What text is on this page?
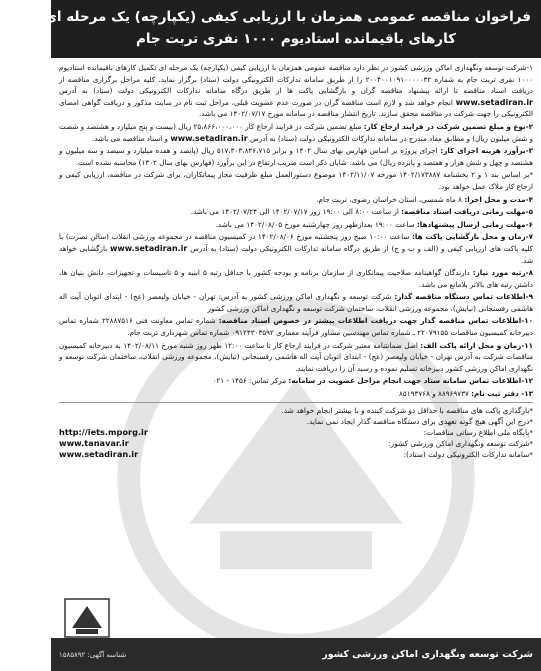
فراخوان مناقصه عمومی همزمان با ارزیابی کیفی (یکپارچه) یک مرحله ای تکمیل
کارهای باقیمانده استادیوم ۱۰۰۰ نفری تربت جام
۱-شرکت توسعه ونگهداری اماکن ورزشی کشور در نظر دارد مناقصه عمومی همزمان با ارزیابی کیفی (یکپارچه) یک مرحله ای تکمیل کارهای باقیمانده استادیوم ۱۰۰۰ نفری تربت جام به شماره ۲۰۰۴۰۰۱۰۹۱۰۰۰۰۰۳۲ را از طریق سامانه تدارکات الکترونیکی دولت (ستاد) برگزار نماید. کلیه مراحل برگزاری مناقصه از دریافت اسناد مناقصه تا ارائه پیشنهاد مناقصه گران و بازگشایی پاکت ها از طریق درگاه سامانه تدارکات الکترونیکی دولت (ستاد) به آدرس www.setadiran.ir انجام خواهد شد و لازم است مناقصه گران در صورت عدم عضویت قبلی، مراحل ثبت نام در سایت مذکور و دریافت گواهی امضای الکترونیکی را جهت شرکت در مناقصه محقق سازند. تاریخ انتشار مناقصه در سامانه مورخ ۱۴۰۲/۰۷/۱۷ می باشد.
۲-نوع و مبلغ تضمین شرکت در فرایند ارجاع کار: مبلغ تضمین شرکت در فرایند ارجاع کار ۲۵،۸۶۶،۰۰۰،۰۰۰ ریال (بیست و پنج میلیارد و هشتصد و شصت و شش میلیون ریال) و مطابق مفاد مندرج در سامانه تدارکات الکترونیکی دولت (ستاد) به آدرس www.setadiran.ir و اسناد مناقصه می باشد.
۳-برآورد هزینه اجرای کار: اجرای پروژه بر اساس فهارس بهای سال ۱۴۰۲ و برابر ۵۱۷،۳۰۳،۸۴۶،۷۱۵ ریال (پانصد و هفده میلیارد و سیصد و سه میلیون و هشتصد و چهل و شش هزار و هفتصد و پانزده ریال) می باشد. شایان ذکر است ضریب ارتفاع در این برآورد (فهارس بهای سال ۱۴۰۲) محاسبه نشده است.
*بر اساس بند ۱ و ۲ بخشنامه ۱۴۰۲/۱۷۳۸۸۷ مورخه ۱۴۰۲/۱۱/۰۷ موضوع دستورالعمل مبلغ ظرفیت مجاز پیمانکاران، برای شرکت در مناقصه، ارزیابی کیفی و ارجاع کار ملاک عمل خواهد بود.
۴-مدت و محل اجرا: ۸ ماه شمسی، استان خراسان رضوی، تربت جام.
۵-مهلت زمانی دریافت اسناد مناقصه: از ساعت ۸:۰۰ الی ۱۹:۰۰ روز ۱۴۰۲/۰۷/۱۷ الی ۱۴۰۲/۰۷/۲۴ می باشد.
۶-مهلت زمانی ارسال پیشنهادها: ساعت ۱۹:۰۰ بعدازظهر روز چهارشنبه مورخ ۱۴۰۲/۰۸/۰۵ می باشد.
۷-زمان و محل بازگشایی پاکت ها: ساعت ۱۰:۰۰ صبح روز پنجشنبه مورخ ۱۴۰۲/۰۸/۰۶ در کمیسیون مناقصه در مجموعه ورزشی انقلاب (سالن نصرت) با کلیه پاکت های ارزیابی کیفی و (الف و ب و ج) از طریق درگاه سامانه تدارکات الکترونیکی دولت (ستاد) به آدرس www.setadiran.ir بازگشایی خواهد شد.
۸-رتبه مورد نیاز: دارندگان گواهینامه صلاحیت پیمانکاری از سازمان برنامه و بودجه کشور با حداقل رتبه ۵ ابنیه و ۵ تاسیسات و تجهیزات، دانش بنیان ها، داشتن رتبه های بالاتر بلامانع می باشد.
۹-اطلاعات تماس دستگاه مناقصه گذار: شرکت توسعه و نگهداری اماکن ورزشی کشور به آدرس: تهران - خیابان ولیعصر (عج) - ابتدای اتوبان آیت اله هاشمی رفسنجانی (نیایش)، مجموعه ورزشی انقلاب، ساختمان شرکت توسعه و نگهداری اماکن ورزشی کشور
۱۰-اطلاعات تماس مناقصه گذار جهت دریافت اطلاعات بیشتر در خصوص اسناد مناقصه: شماره تماس معاونت فنی ۲۲۸۸۷۵۱۶ شماره تماس دبیرخانه کمیسیون مناقصات ۲۲۰۷۹۱۵۵ ـ شماره تماس مهندسین مشاور فرآیند معماری ۰۹۱۲۴۳۰۳۵۹۲ شماره تماس شهرداری تربت جام.
۱۱-زمان و محل ارائه پاکت الف: اصل ضمانتنامه معتبر شرکت در فرایند ارجاع کار تا ساعت ۱۲:۰۰ ظهر روز شنبه مورخ ۱۴۰۲/۰۸/۱۱ به دبیرخانه کمیسیون مناقصات شرکت به آدرس تهران - خیابان ولیعصر (عج) - ابتدای اتوبان آیت اله هاشمی رفسنجانی (نیایش)، مجموعه ورزشی انقلاب، ساختمان شرکت توسعه و نگهداری اماکن ورزشی کشور دبیرخانه تسلیم نموده و رسید آن را دریافت نمایند.
۱۲-اطلاعات تماس سامانه ستاد جهت انجام مراحل عضویت در سامانه: مرکز تماس: ۱۴۵۶ - ۰۲۱
۱۳- دفتر ثبت نام: ۸۸۹۶۹۷۳۷ و ۸۵۱۹۳۷۶۸
*بارگذاری پاکت های مناقصه با حداقل دو شرکت کننده و با بیشتر انجام خواهد شد.
*درج این آگهی هیچ گونه تعهدی برای دستگاه مناقصه گذار ایجاد نمی نماید.
*پایگاه ملی اطلاع رسانی مناقصات:
http://iets.mporg.ir
*شرکت توسعه ونگهداری اماکن ورزشی کشور:
www.tanavar.ir
*سامانه تدارکات الکترونیکی دولت (ستاد):
www.setadiran.ir
شرکت توسعه ونگهداری اماکن ورزشی کشور
شناسه آگهی: ۱۵۸۵۸۹۲
